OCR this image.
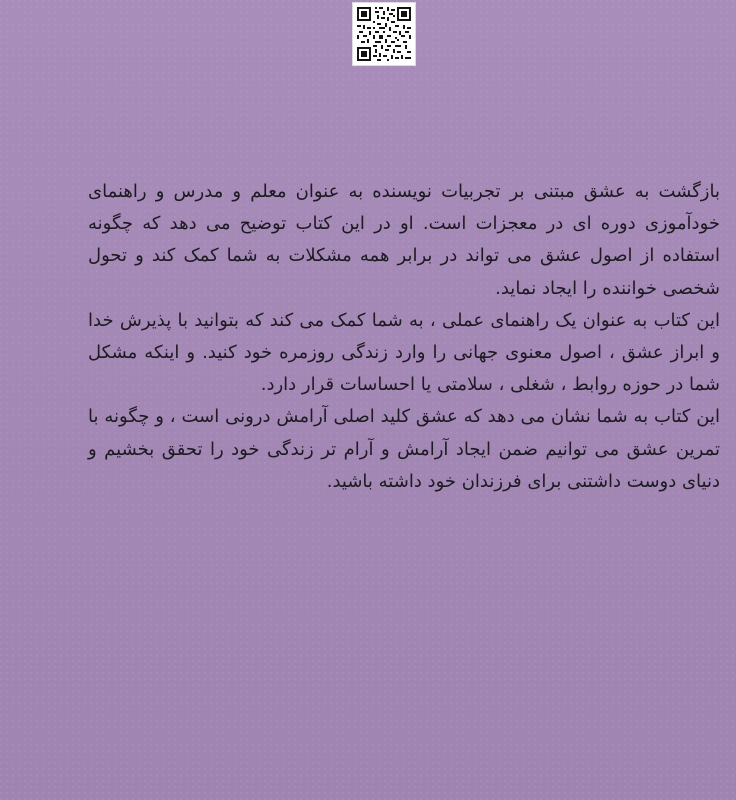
بازگشت به عشق مبتنی بر تجربیات نویسنده به عنوان معلم و مدرس و راهنمای خودآموزی دوره ای در معجزات است. او در این کتاب توضیح می دهد که چگونه استفاده از اصول عشق می تواند در برابر همه مشکلات به شما کمک کند و تحول شخصی خواننده را ایجاد نماید.

این کتاب به عنوان یک راهنمای عملی ، به شما کمک می کند که بتوانید با پذیرش خدا و ابراز عشق ، اصول معنوی جهانی را وارد زندگی روزمره خود کنید. و اینکه مشکل شما در حوزه روابط ، شغلی ، سلامتی یا احساسات قرار دارد.

این کتاب به شما نشان می دهد که عشق کلید اصلی آرامش درونی است ، و چگونه با تمرین عشق می توانیم ضمن ایجاد آرامش و آرام تر زندگی خود را تحقق بخشیم و دنیای دوست داشتنی برای فرزندان خود داشته باشید.
